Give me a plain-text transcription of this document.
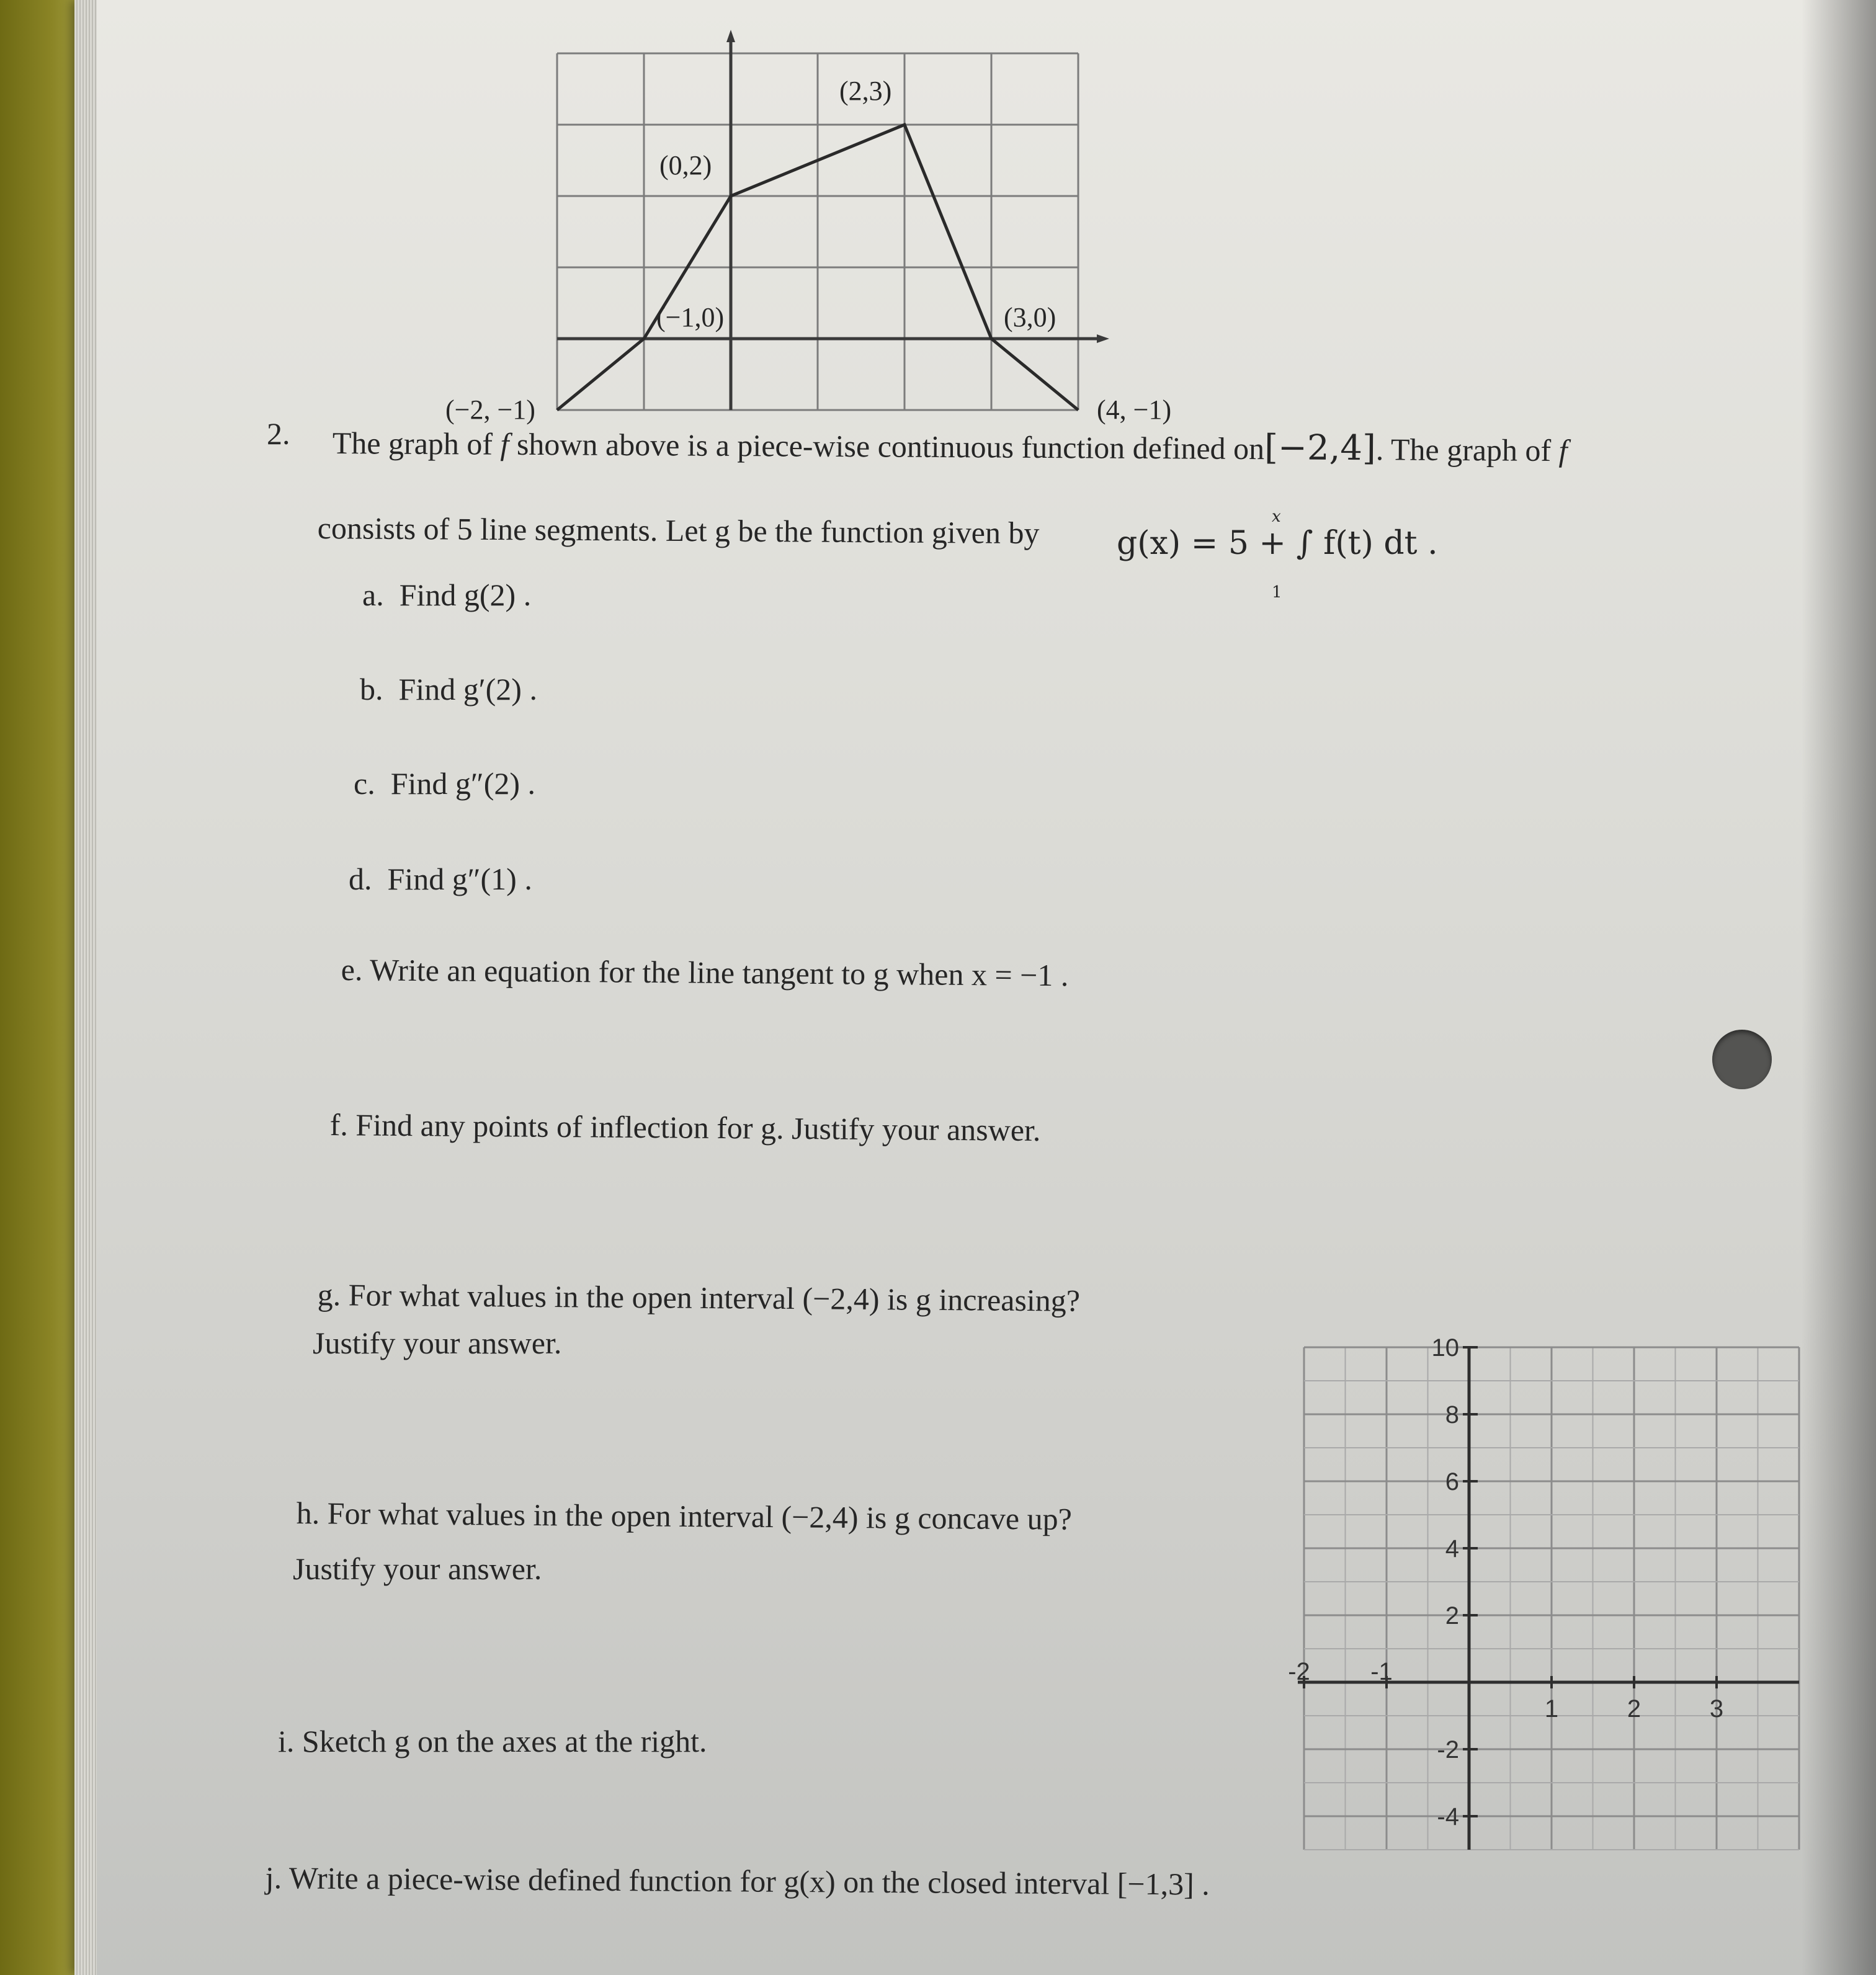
(−2, −1)
(−1,0)
(0,2)
(2,3)
(3,0)
(4, −1)
2. The graph of f shown above is a piece-wise continuous function defined on[−2,4]. The graph of f
consists of 5 line segments. Let g be the function given by g(x) = 5 + ∫ f(t) dt .
x
1
a. Find g(2) .
b. Find g′(2) .
c. Find g″(2) .
d. Find g″(1) .
e. Write an equation for the line tangent to g when x = −1 .
f. Find any points of inflection for g. Justify your answer.
g. For what values in the open interval (−2,4) is g increasing?
Justify your answer.
h. For what values in the open interval (−2,4) is g concave up?
Justify your answer.
i. Sketch g on the axes at the right.
j. Write a piece-wise defined function for g(x) on the closed interval [−1,3] .
-2 -1
1	2	3
10
8
6
4
2
-2
-4
